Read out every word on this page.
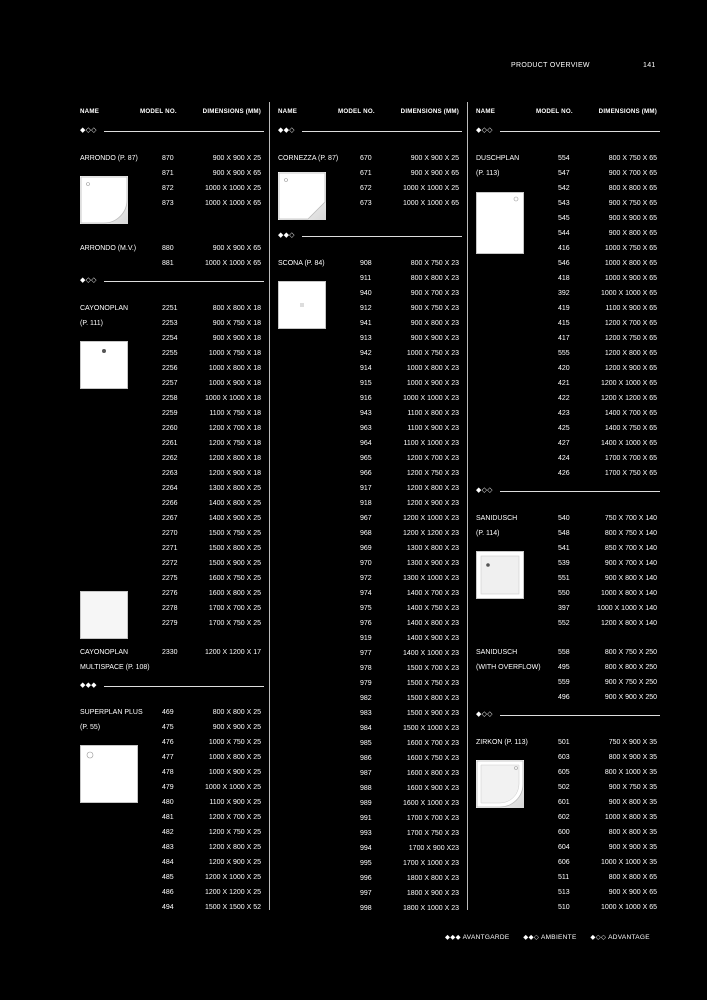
PRODUCT OVERVIEW	141
NAME	MODEL NO.	DIMENSIONS (MM)
◆◇◇
ARRONDO (P. 87)	870	900 X 900 X 25
871	900 X 900 X 65
872	1000 X 1000 X 25
873	1000 X 1000 X 65
ARRONDO (M.V.)	880	900 X 900 X 65
881	1000 X 1000 X 65
◆◇◇
CAYONOPLAN
(P. 111)
2251	800 X 800 X 18
2253	900 X 750 X 18
2254	900 X 900 X 18
2255	1000 X 750 X 18
2256	1000 X 800 X 18
2257	1000 X 900 X 18
2258	1000 X 1000 X 18
2259	1100 X 750 X 18
2260	1200 X 700 X 18
2261	1200 X 750 X 18
2262	1200 X 800 X 18
2263	1200 X 900 X 18
2264	1300 X 800 X 25
2266	1400 X 800 X 25
2267	1400 X 900 X 25
2270	1500 X 750 X 25
2271	1500 X 800 X 25
2272	1500 X 900 X 25
2275	1600 X 750 X 25
2276	1600 X 800 X 25
2278	1700 X 700 X 25
2279	1700 X 750 X 25
CAYONOPLAN
MULTISPACE (P. 108)
2330	1200 X 1200 X 17
◆◆◆
SUPERPLAN PLUS
(P. 55)
469	800 X 800 X 25
475	900 X 900 X 25
476	1000 X 750 X 25
477	1000 X 800 X 25
478	1000 X 900 X 25
479	1000 X 1000 X 25
480	1100 X 900 X 25
481	1200 X 700 X 25
482	1200 X 750 X 25
483	1200 X 800 X 25
484	1200 X 900 X 25
485	1200 X 1000 X 25
486	1200 X 1200 X 25
494	1500 X 1500 X 52
NAME	MODEL NO.	DIMENSIONS (MM)
◆◆◇
CORNEZZA (P. 87)	670	900 X 900 X 25
671	900 X 900 X 65
672	1000 X 1000 X 25
673	1000 X 1000 X 65
◆◆◇
SCONA (P. 84)	908	800 X 750 X 23
911	800 X 800 X 23
940	900 X 700 X 23
912	900 X 750 X 23
941	900 X 800 X 23
913	900 X 900 X 23
942	1000 X 750 X 23
914	1000 X 800 X 23
915	1000 X 900 X 23
916	1000 X 1000 X 23
943	1100 X 800 X 23
963	1100 X 900 X 23
964	1100 X 1000 X 23
965	1200 X 700 X 23
966	1200 X 750 X 23
917	1200 X 800 X 23
918	1200 X 900 X 23
967	1200 X 1000 X 23
968	1200 X 1200 X 23
969	1300 X 800 X 23
970	1300 X 900 X 23
972	1300 X 1000 X 23
974	1400 X 700 X 23
975	1400 X 750 X 23
976	1400 X 800 X 23
919	1400 X 900 X 23
977	1400 X 1000 X 23
978	1500 X 700 X 23
979	1500 X 750 X 23
982	1500 X 800 X 23
983	1500 X 900 X 23
984	1500 X 1000 X 23
985	1600 X 700 X 23
986	1600 X 750 X 23
987	1600 X 800 X 23
988	1600 X 900 X 23
989	1600 X 1000 X 23
991	1700 X 700 X 23
993	1700 X 750 X 23
994	1700 X 900 X23
995	1700 X 1000 X 23
996	1800 X 800 X 23
997	1800 X 900 X 23
998	1800 X 1000 X 23
NAME	MODEL NO.	DIMENSIONS (MM)
◆◇◇
DUSCHPLAN
(P. 113)
554	800 X 750 X 65
547	900 X 700 X 65
542	800 X 800 X 65
543	900 X 750 X 65
545	900 X 900 X 65
544	900 X 800 X 65
416	1000 X 750 X 65
546	1000 X 800 X 65
418	1000 X 900 X 65
392	1000 X 1000 X 65
419	1100 X 900 X 65
415	1200 X 700 X 65
417	1200 X 750 X 65
555	1200 X 800 X 65
420	1200 X 900 X 65
421	1200 X 1000 X 65
422	1200 X 1200 X 65
423	1400 X 700 X 65
425	1400 X 750 X 65
427	1400 X 1000 X 65
424	1700 X 700 X 65
426	1700 X 750 X 65
◆◇◇
SANIDUSCH
(P. 114)
540	750 X 700 X 140
548	800 X 750 X 140
541	850 X 700 X 140
539	900 X 700 X 140
551	900 X 800 X 140
550	1000 X 800 X 140
397	1000 X 1000 X 140
552	1200 X 800 X 140
SANIDUSCH
(WITH OVERFLOW)
558	800 X 750 X 250
495	800 X 800 X 250
559	900 X 750 X 250
496	900 X 900 X 250
◆◇◇
ZIRKON (P. 113)	501	750 X 900 X 35
603	800 X 900 X 35
605	800 X 1000 X 35
502	900 X 750 X 35
601	900 X 800 X 35
602	1000 X 800 X 35
600	800 X 800 X 35
604	900 X 900 X 35
606	1000 X 1000 X 35
511	800 X 800 X 65
513	900 X 900 X 65
510	1000 X 1000 X 65
◆◆◆ AVANTGARDE ◆◆◇ AMBIENTE ◆◇◇ ADVANTAGE
